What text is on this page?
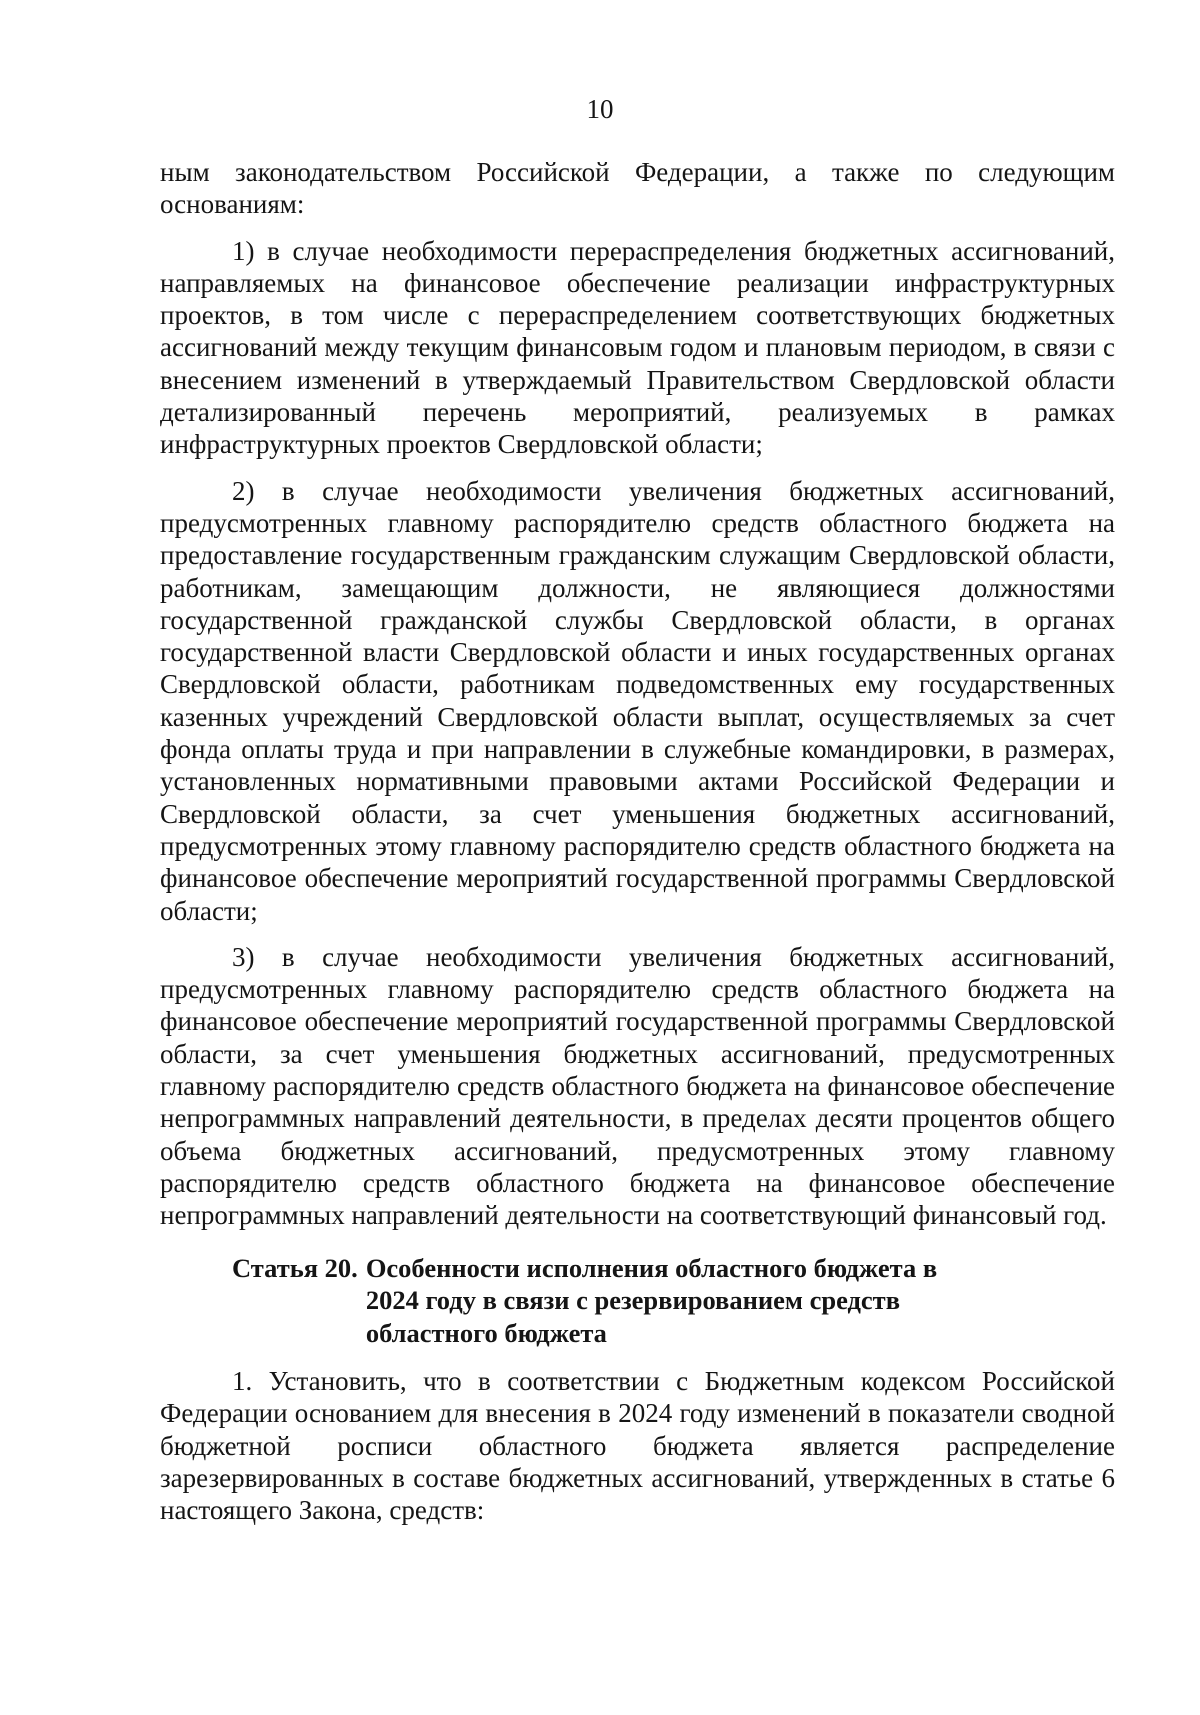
10

ным законодательством Российской Федерации, а также по следующим основаниям:

1) в случае необходимости перераспределения бюджетных ассигнований, направляемых на финансовое обеспечение реализации инфраструктурных проектов, в том числе с перераспределением соответствующих бюджетных ассигнований между текущим финансовым годом и плановым периодом, в связи с внесением изменений в утверждаемый Правительством Свердловской области детализированный перечень мероприятий, реализуемых в рамках инфраструктурных проектов Свердловской области;

2) в случае необходимости увеличения бюджетных ассигнований, предусмотренных главному распорядителю средств областного бюджета на предоставление государственным гражданским служащим Свердловской области, работникам, замещающим должности, не являющиеся должностями государственной гражданской службы Свердловской области, в органах государственной власти Свердловской области и иных государственных органах Свердловской области, работникам подведомственных ему государственных казенных учреждений Свердловской области выплат, осуществляемых за счет фонда оплаты труда и при направлении в служебные командировки, в размерах, установленных нормативными правовыми актами Российской Федерации и Свердловской области, за счет уменьшения бюджетных ассигнований, предусмотренных этому главному распорядителю средств областного бюджета на финансовое обеспечение мероприятий государственной программы Свердловской области;

3) в случае необходимости увеличения бюджетных ассигнований, предусмотренных главному распорядителю средств областного бюджета на финансовое обеспечение мероприятий государственной программы Свердловской области, за счет уменьшения бюджетных ассигнований, предусмотренных главному распорядителю средств областного бюджета на финансовое обеспечение непрограммных направлений деятельности, в пределах десяти процентов общего объема бюджетных ассигнований, предусмотренных этому главному распорядителю средств областного бюджета на финансовое обеспечение непрограммных направлений деятельности на соответствующий финансовый год.

Статья 20. Особенности исполнения областного бюджета в 2024 году в связи с резервированием средств областного бюджета

1. Установить, что в соответствии с Бюджетным кодексом Российской Федерации основанием для внесения в 2024 году изменений в показатели сводной бюджетной росписи областного бюджета является распределение зарезервированных в составе бюджетных ассигнований, утвержденных в статье 6 настоящего Закона, средств:
